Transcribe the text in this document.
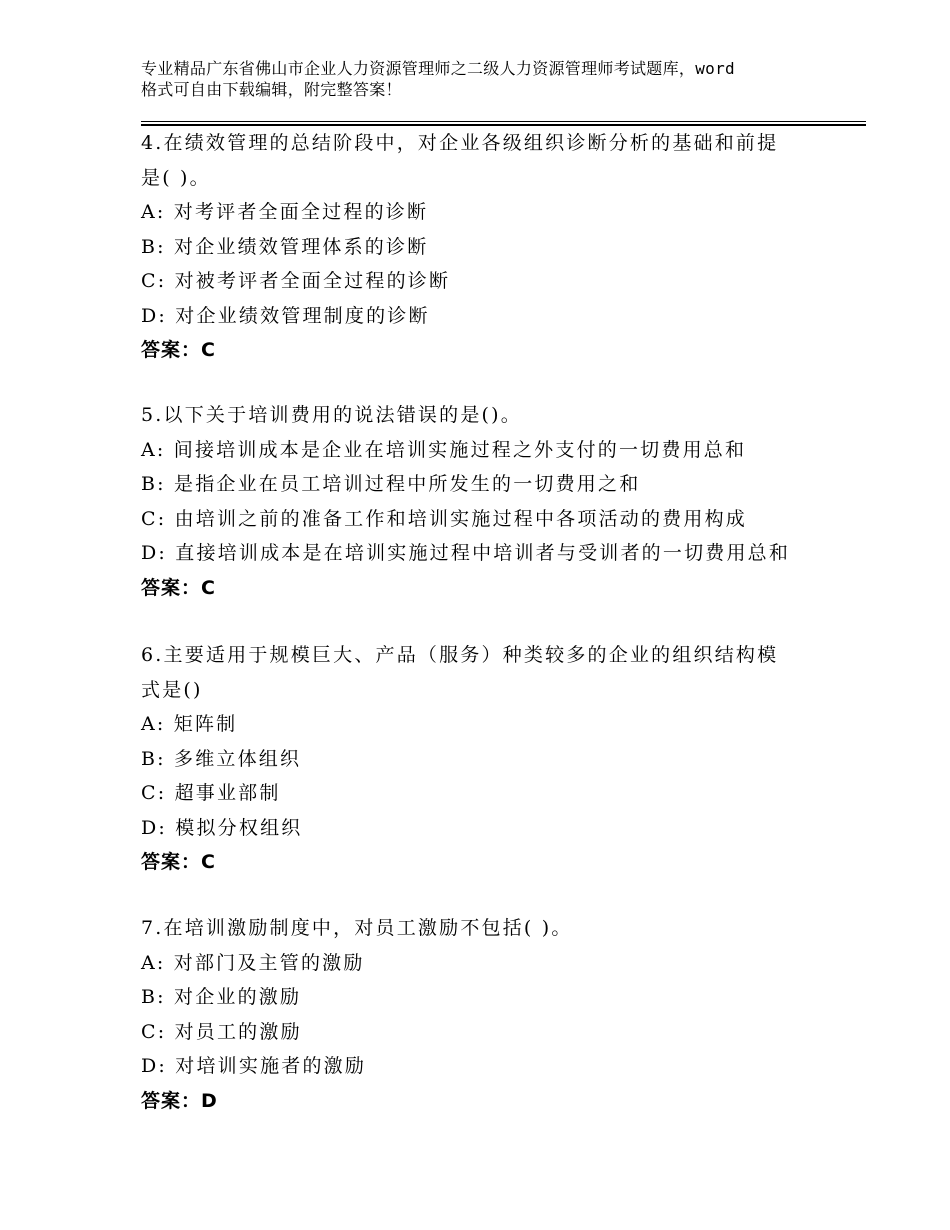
专业精品广东省佛山市企业人力资源管理师之二级人力资源管理师考试题库，word
格式可自由下载编辑，附完整答案！
4.在绩效管理的总结阶段中，对企业各级组织诊断分析的基础和前提
是( )。
A: 对考评者全面全过程的诊断
B: 对企业绩效管理体系的诊断
C: 对被考评者全面全过程的诊断
D: 对企业绩效管理制度的诊断
答案：C
5.以下关于培训费用的说法错误的是()。
A: 间接培训成本是企业在培训实施过程之外支付的一切费用总和
B: 是指企业在员工培训过程中所发生的一切费用之和
C: 由培训之前的准备工作和培训实施过程中各项活动的费用构成
D: 直接培训成本是在培训实施过程中培训者与受训者的一切费用总和
答案：C
6.主要适用于规模巨大、产品（服务）种类较多的企业的组织结构模
式是()
A: 矩阵制
B: 多维立体组织
C: 超事业部制
D: 模拟分权组织
答案：C
7.在培训激励制度中，对员工激励不包括( )。
A: 对部门及主管的激励
B: 对企业的激励
C: 对员工的激励
D: 对培训实施者的激励
答案：D
